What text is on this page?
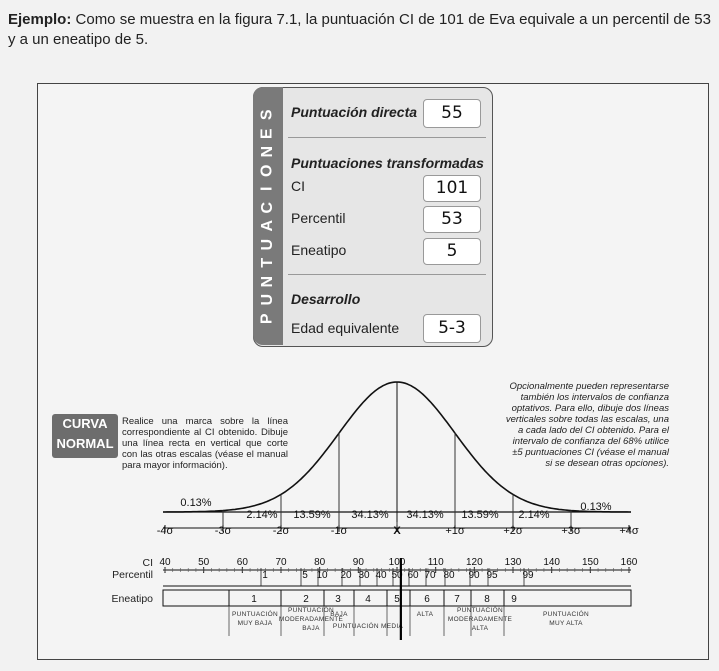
Ejemplo: Como se muestra en la figura 7.1, la puntuación CI de 101 de Eva equivale a un percentil de 53 y a un eneatipo de 5.
S
E
N
O
I
C
A
U
T
N
U
P
Puntuación directa	55
Puntuaciones transformadas
CI	101
Percentil	53
Eneatipo	5
Desarrollo
Edad equivalente	5-3
CURVA
NORMAL
Realice una marca sobre la línea correspondiente al CI obtenido. Dibuje una línea recta en vertical que corte con las otras escalas (véase el manual para mayor información).
Opcionalmente pueden representarse también los intervalos de confianza optativos. Para ello, dibuje dos líneas verticales sobre todas las escalas, una a cada lado del CI obtenido. Para el intervalo de confianza del 68% utilice ±5 puntuaciones CI (véase el manual si se desean otras opciones).
0.13%
2.14% 13.59% 34.13% 34.13% 13.59% 2.14%
0.13%
-4σ	-3σ	-2σ	-1σ	X	+1σ	+2σ	+3σ	+4σ
CI 40	50	60	70	80	90 100 110 120 130 140 150 160
Percentil	1	5 10 20 30 40 50 60 70 80 90 95 99
Eneatipo	1	2	3 4 5 6 7 8 9
PUNTUACIÓN
MUY BAJA
PUNTUACIÓN
MODERADAMENTE
BAJA
BAJA
PUNTUACIÓN MEDIA
ALTA
PUNTUACIÓN
MODERADAMENTE
ALTA
PUNTUACIÓN
MUY ALTA
